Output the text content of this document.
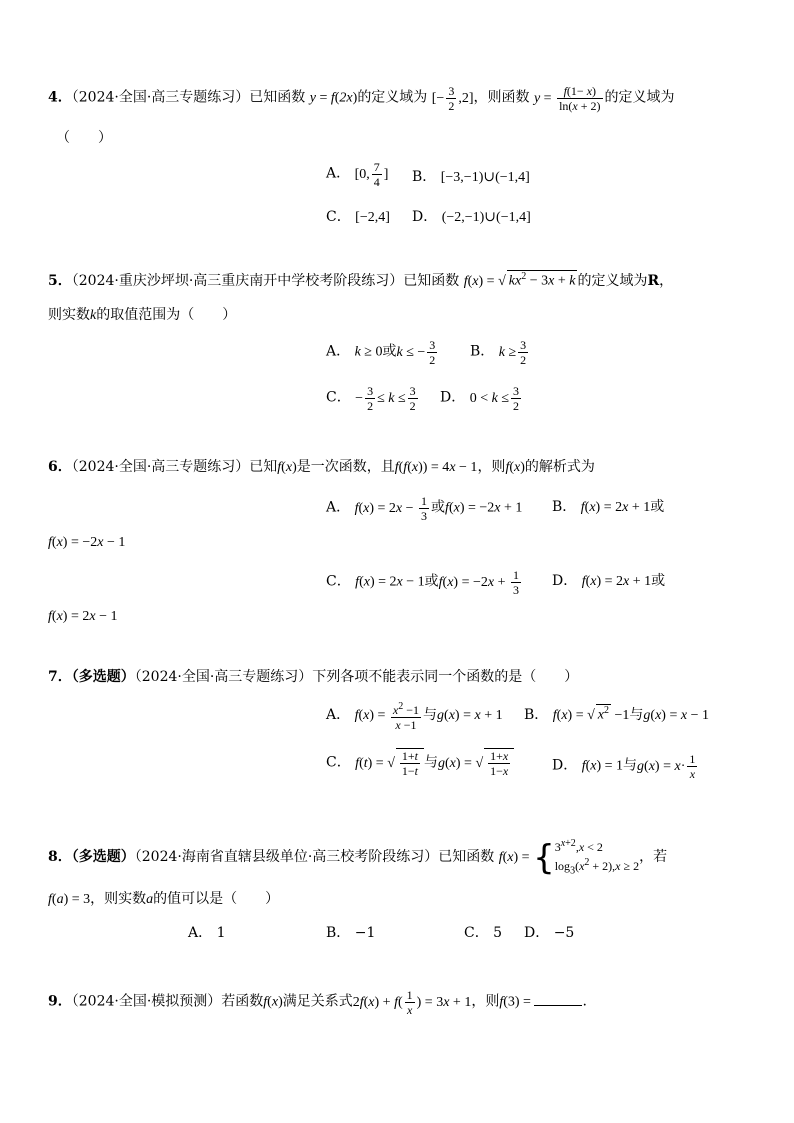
4．（2024·全国·高三专题练习）已知函数 y = f(2x)的定义域为 [− $\frac{3}{2} ,2$]，则函数 $y = \frac{f(1- x)}{\ln(x + 2)}$ 的定义域为
（　　）
A． [0, $\frac{7}{4}$ ] B． [−3,−1)∪(−1,4]
C． [−2,4] D． (−2,−1)∪(−1,4]
5．（2024·重庆沙坪坝·高三重庆南开中学校考阶段练习）已知函数 f(x) = √ $kx^2 - 3x + k$ 的定义域为R，
则实数k的取值范围为（　　）
A． k ≥ 0或k ≤ − $\frac{3}{2}$ B． $k \ge \frac{3}{2}$
C． − $\frac{3}{2} \le k \le \frac{3}{2}$ D． $0 < k \le \frac{3}{2}$
6．（2024·全国·高三专题练习）已知f(x)是一次函数，且f(f(x)) = 4x − 1，则f(x)的解析式为
A． $f(x) = 2x - \frac{1}{3}$ 或f(x) = −2x + 1 B． f(x) = 2x + 1或
f(x) = −2x − 1
C． f(x) = 2x − 1或$f(x) = -2x + \frac{1}{3}$ D． f(x) = 2x + 1或
f(x) = 2x − 1
7．（多选题）（2024·全国·高三专题练习）下列各项不能表示同一个函数的是（　　）
A． $f(x) = \frac{x^2 -1}{x -1}$ 与g(x) = x + 1 B． f(x) = √ $x^2 -1$与g(x) = x − 1
C． f(t) = √ $\frac{1+t}{1-t}$ 与g(x) = √ $\frac{1+x}{1-x}$	D． f(x) = 1与$g(x) = x\cdot \frac{1}{x}$
8．（多选题）（2024·海南省直辖县级单位·高三校考阶段练习）已知函数 f(x) = { $3^{x+2},x < 2$
$\log_3(x^2 + 2),x \ge 2$
，若
f(a) = 3，则实数a的值可以是（　　）
A． 1	B． −1	C． 5 D． −5
9．（2024·全国·模拟预测）若函数f(x)满足关系式$2f(x) + f( \frac{1}{x}$ ) = 3x + 1，则f(3) =	.
